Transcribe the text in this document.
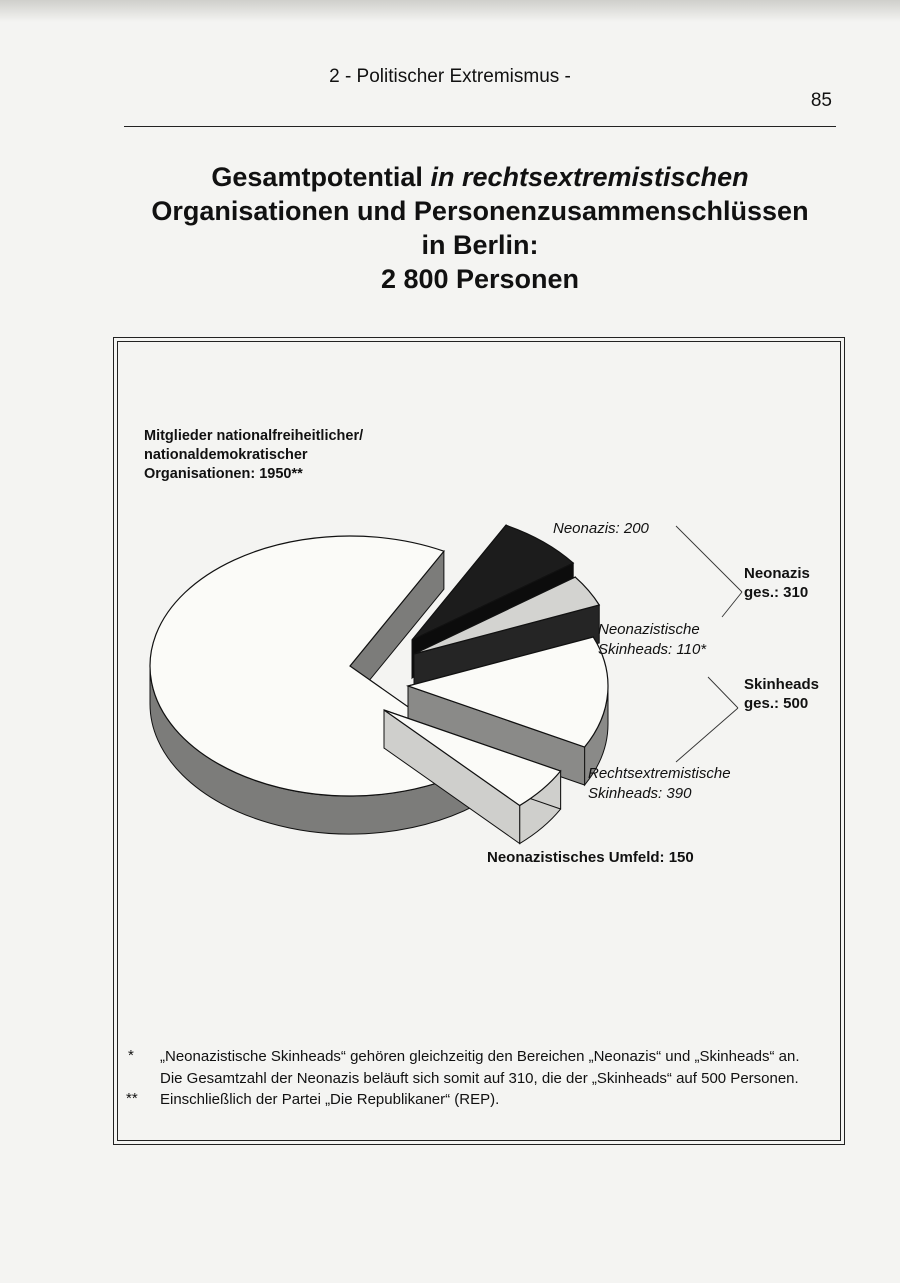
2 - Politischer Extremismus -
85
Gesamtpotential in rechtsextremistischen
Organisationen und Personenzusammenschlüssen
in Berlin:
2 800 Personen
Mitglieder nationalfreiheitlicher/
nationaldemokratischer
Organisationen: 1950**
Neonazis: 200
Neonazistische
Skinheads: 110*
Rechtsextremistische
Skinheads: 390
Neonazistisches Umfeld: 150
Neonazis
ges.: 310
Skinheads
ges.: 500
* „Neonazistische Skinheads“ gehören gleichzeitig den Bereichen „Neonazis“ und „Skinheads“ an.
Die Gesamtzahl der Neonazis beläuft sich somit auf 310, die der „Skinheads“ auf 500 Personen.
** Einschließlich der Partei „Die Republikaner“ (REP).
